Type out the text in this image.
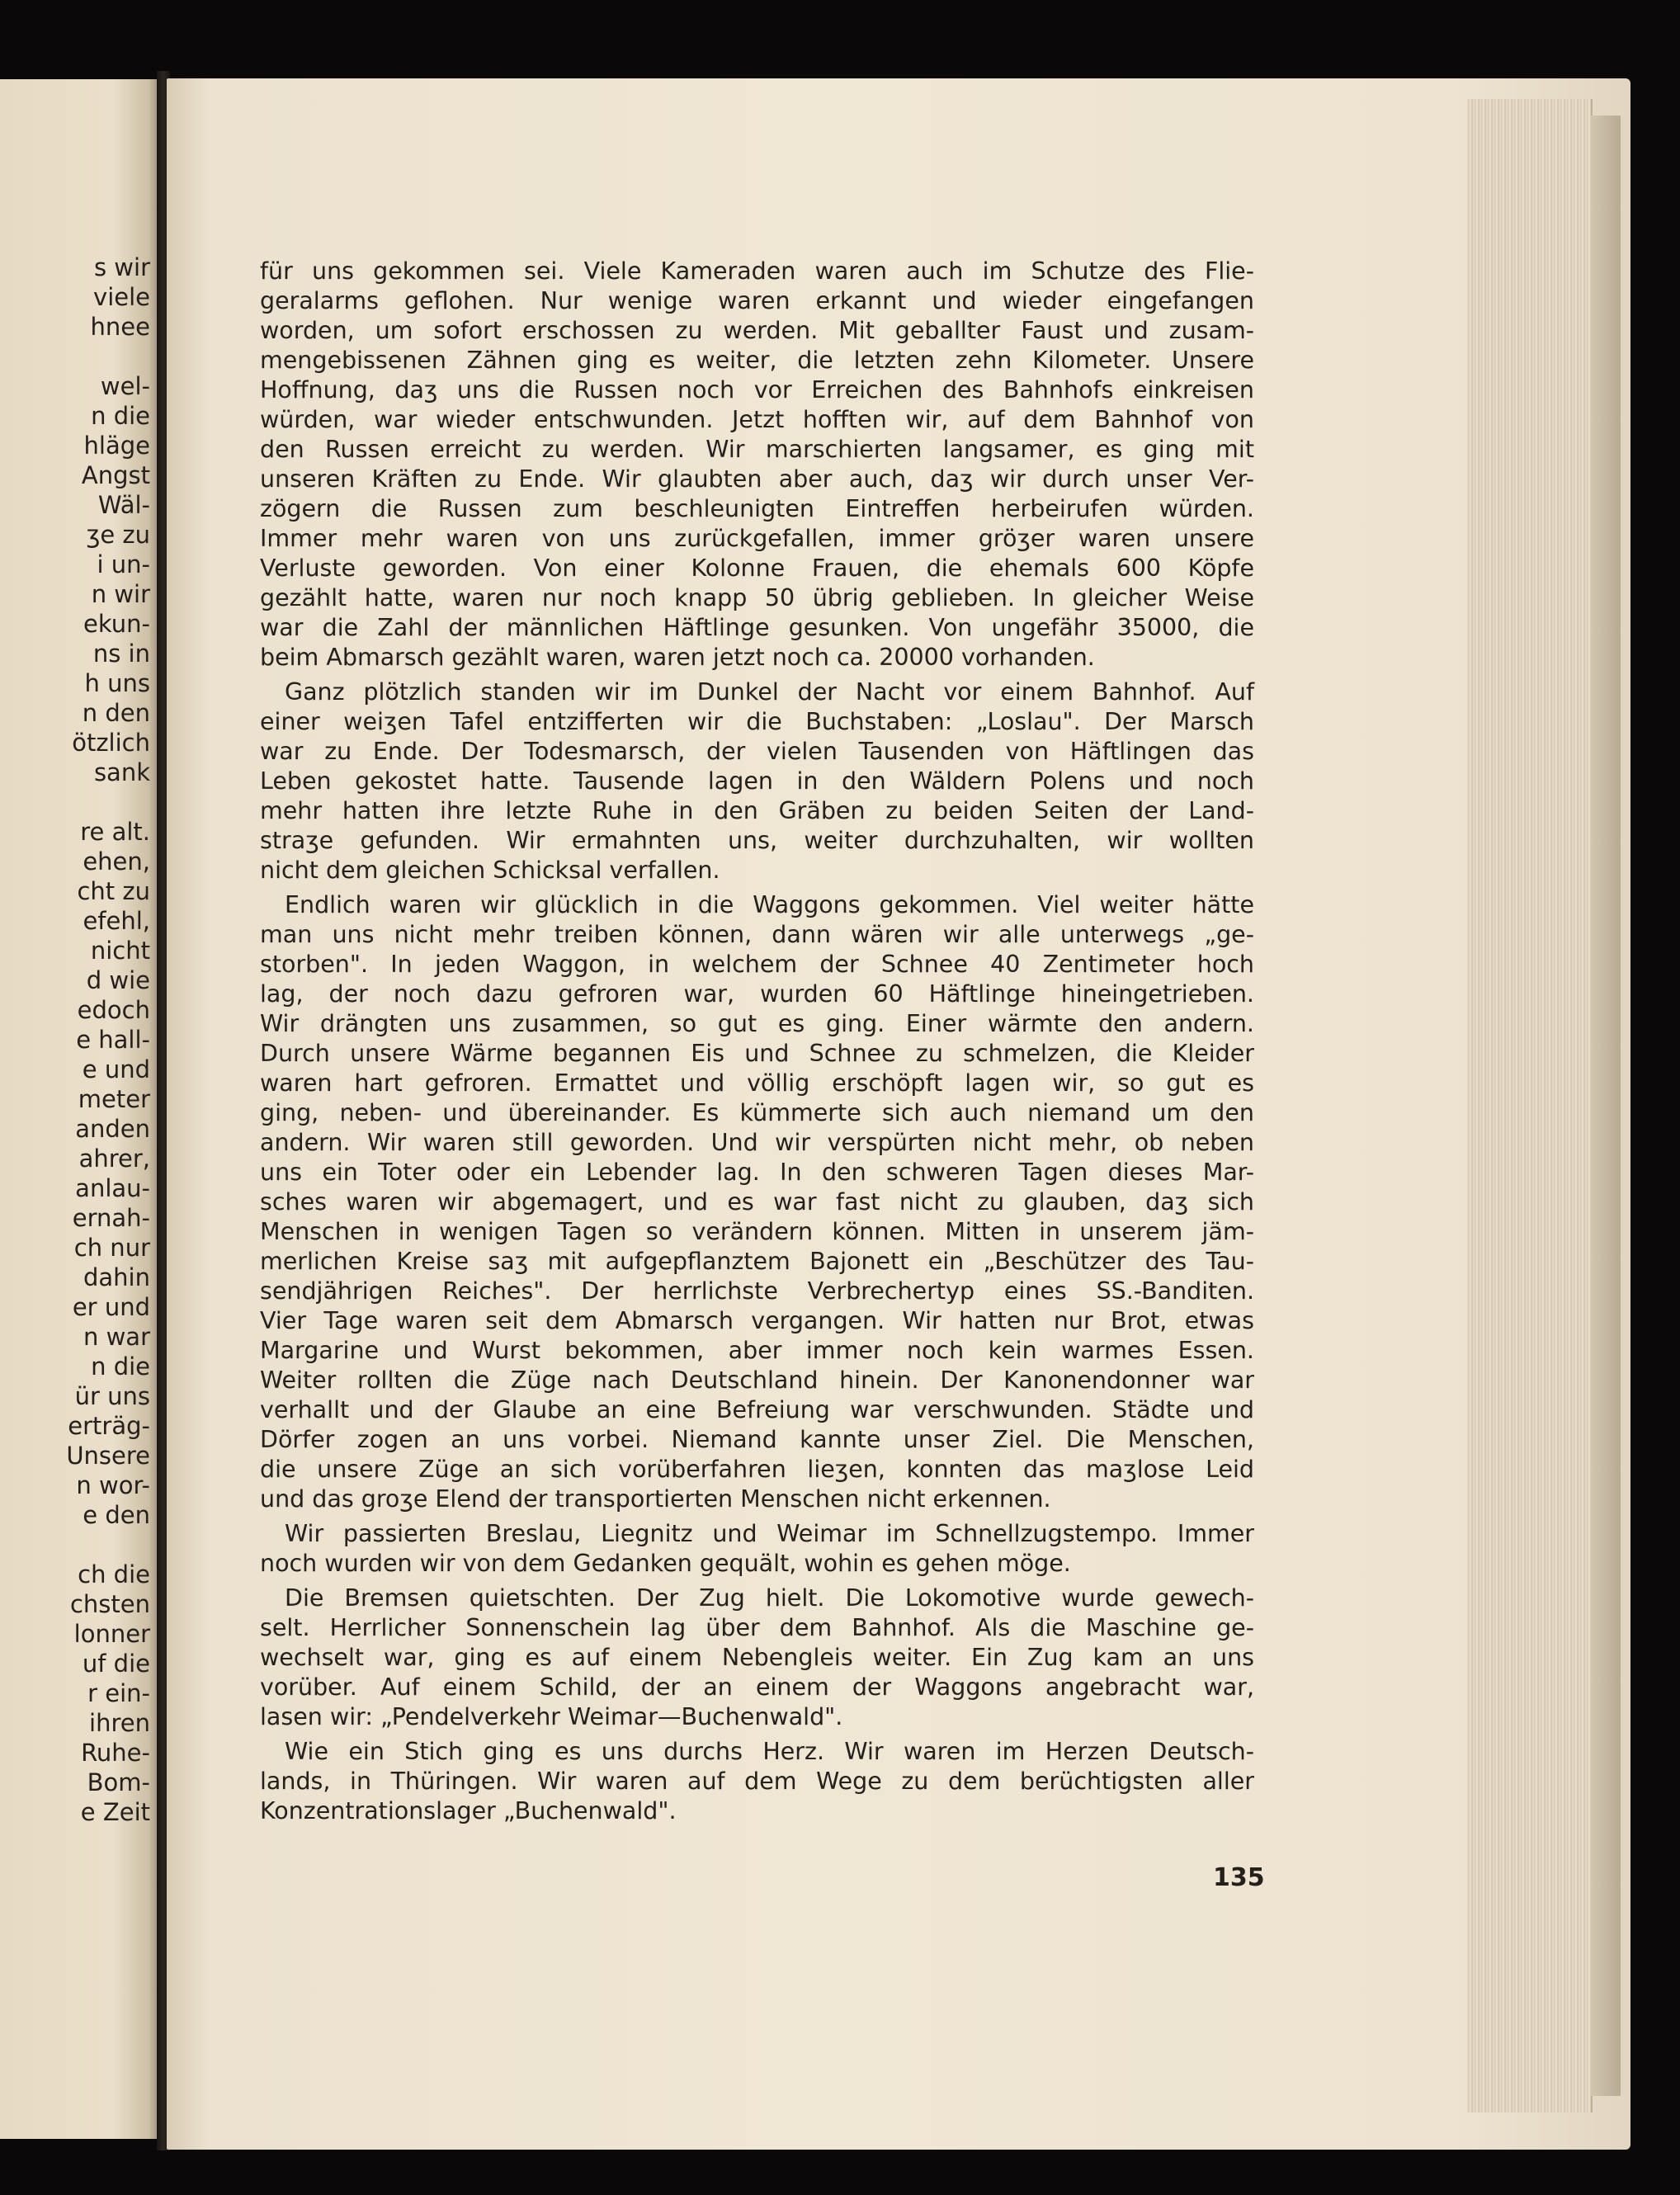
s wir
viele
hnee
wel-
n die
hläge
Angst
Wäl-
ʒe zu
i un-
n wir
ekun-
ns in
h uns
n den
ötzlich
sank
re alt.
ehen,
cht zu
efehl,
nicht
d wie
edoch
e hall-
e und
meter
anden
ahrer,
anlau-
ernah-
ch nur
dahin
er und
n war
n die
ür uns
erträg-
Unsere
n wor-
e den
ch die
chsten
lonner
uf die
r ein-
ihren
Ruhe-
Bom-
e Zeit
für uns gekommen sei. Viele Kameraden waren auch im Schutze des Flie-
geralarms geflohen. Nur wenige waren erkannt und wieder eingefangen
worden, um sofort erschossen zu werden. Mit geballter Faust und zusam-
mengebissenen Zähnen ging es weiter, die letzten zehn Kilometer. Unsere
Hoffnung, daʒ uns die Russen noch vor Erreichen des Bahnhofs einkreisen
würden, war wieder entschwunden. Jetzt hofften wir, auf dem Bahnhof von
den Russen erreicht zu werden. Wir marschierten langsamer, es ging mit
unseren Kräften zu Ende. Wir glaubten aber auch, daʒ wir durch unser Ver-
zögern die Russen zum beschleunigten Eintreffen herbeirufen würden.
Immer mehr waren von uns zurückgefallen, immer gröʒer waren unsere
Verluste geworden. Von einer Kolonne Frauen, die ehemals 600 Köpfe
gezählt hatte, waren nur noch knapp 50 übrig geblieben. In gleicher Weise
war die Zahl der männlichen Häftlinge gesunken. Von ungefähr 35000, die
beim Abmarsch gezählt waren, waren jetzt noch ca. 20000 vorhanden.
Ganz plötzlich standen wir im Dunkel der Nacht vor einem Bahnhof. Auf
einer weiʒen Tafel entzifferten wir die Buchstaben: „Loslau". Der Marsch
war zu Ende. Der Todesmarsch, der vielen Tausenden von Häftlingen das
Leben gekostet hatte. Tausende lagen in den Wäldern Polens und noch
mehr hatten ihre letzte Ruhe in den Gräben zu beiden Seiten der Land-
straʒe gefunden. Wir ermahnten uns, weiter durchzuhalten, wir wollten
nicht dem gleichen Schicksal verfallen.
Endlich waren wir glücklich in die Waggons gekommen. Viel weiter hätte
man uns nicht mehr treiben können, dann wären wir alle unterwegs „ge-
storben". In jeden Waggon, in welchem der Schnee 40 Zentimeter hoch
lag, der noch dazu gefroren war, wurden 60 Häftlinge hineingetrieben.
Wir drängten uns zusammen, so gut es ging. Einer wärmte den andern.
Durch unsere Wärme begannen Eis und Schnee zu schmelzen, die Kleider
waren hart gefroren. Ermattet und völlig erschöpft lagen wir, so gut es
ging, neben- und übereinander. Es kümmerte sich auch niemand um den
andern. Wir waren still geworden. Und wir verspürten nicht mehr, ob neben
uns ein Toter oder ein Lebender lag. In den schweren Tagen dieses Mar-
sches waren wir abgemagert, und es war fast nicht zu glauben, daʒ sich
Menschen in wenigen Tagen so verändern können. Mitten in unserem jäm-
merlichen Kreise saʒ mit aufgepflanztem Bajonett ein „Beschützer des Tau-
sendjährigen Reiches". Der herrlichste Verbrechertyp eines SS.-Banditen.
Vier Tage waren seit dem Abmarsch vergangen. Wir hatten nur Brot, etwas
Margarine und Wurst bekommen, aber immer noch kein warmes Essen.
Weiter rollten die Züge nach Deutschland hinein. Der Kanonendonner war
verhallt und der Glaube an eine Befreiung war verschwunden. Städte und
Dörfer zogen an uns vorbei. Niemand kannte unser Ziel. Die Menschen,
die unsere Züge an sich vorüberfahren lieʒen, konnten das maʒlose Leid
und das groʒe Elend der transportierten Menschen nicht erkennen.
Wir passierten Breslau, Liegnitz und Weimar im Schnellzugstempo. Immer
noch wurden wir von dem Gedanken gequält, wohin es gehen möge.
Die Bremsen quietschten. Der Zug hielt. Die Lokomotive wurde gewech-
selt. Herrlicher Sonnenschein lag über dem Bahnhof. Als die Maschine ge-
wechselt war, ging es auf einem Nebengleis weiter. Ein Zug kam an uns
vorüber. Auf einem Schild, der an einem der Waggons angebracht war,
lasen wir: „Pendelverkehr Weimar—Buchenwald".
Wie ein Stich ging es uns durchs Herz. Wir waren im Herzen Deutsch-
lands, in Thüringen. Wir waren auf dem Wege zu dem berüchtigsten aller
Konzentrationslager „Buchenwald".
135
